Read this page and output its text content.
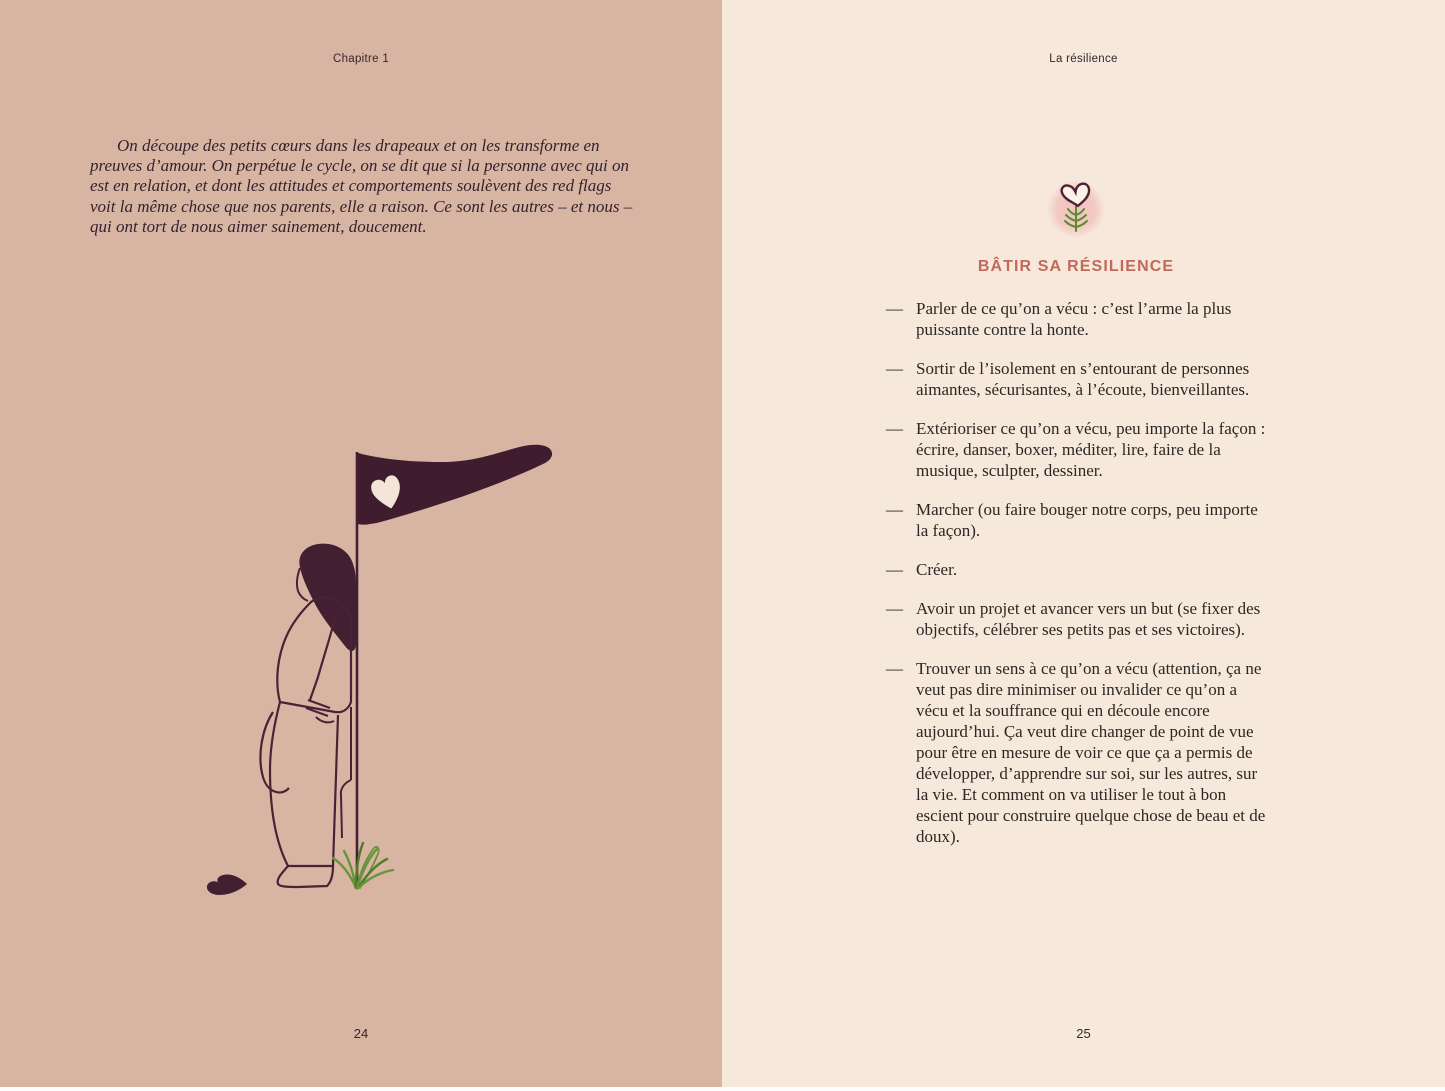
Chapitre 1

On découpe des petits cœurs dans les drapeaux et on les transforme en preuves d’amour. On perpétue le cycle, on se dit que si la personne avec qui on est en relation, et dont les attitudes et comportements soulèvent des red flags voit la même chose que nos parents, elle a raison. Ce sont les autres – et nous – qui ont tort de nous aimer sainement, doucement.

24
La résilience
BÂTIR SA RÉSILIENCE
— Parler de ce qu’on a vécu : c’est l’arme la plus puissante contre la honte.
— Sortir de l’isolement en s’entourant de personnes aimantes, sécurisantes, à l’écoute, bienveillantes.
— Extérioriser ce qu’on a vécu, peu importe la façon : écrire, danser, boxer, méditer, lire, faire de la musique, sculpter, dessiner.
— Marcher (ou faire bouger notre corps, peu importe la façon).
— Créer.
— Avoir un projet et avancer vers un but (se fixer des objectifs, célébrer ses petits pas et ses victoires).
— Trouver un sens à ce qu’on a vécu (attention, ça ne veut pas dire minimiser ou invalider ce qu’on a vécu et la souffrance qui en découle encore aujourd’hui. Ça veut dire changer de point de vue pour être en mesure de voir ce que ça a permis de développer, d’apprendre sur soi, sur les autres, sur la vie. Et comment on va utiliser le tout à bon escient pour construire quelque chose de beau et de doux).
25
